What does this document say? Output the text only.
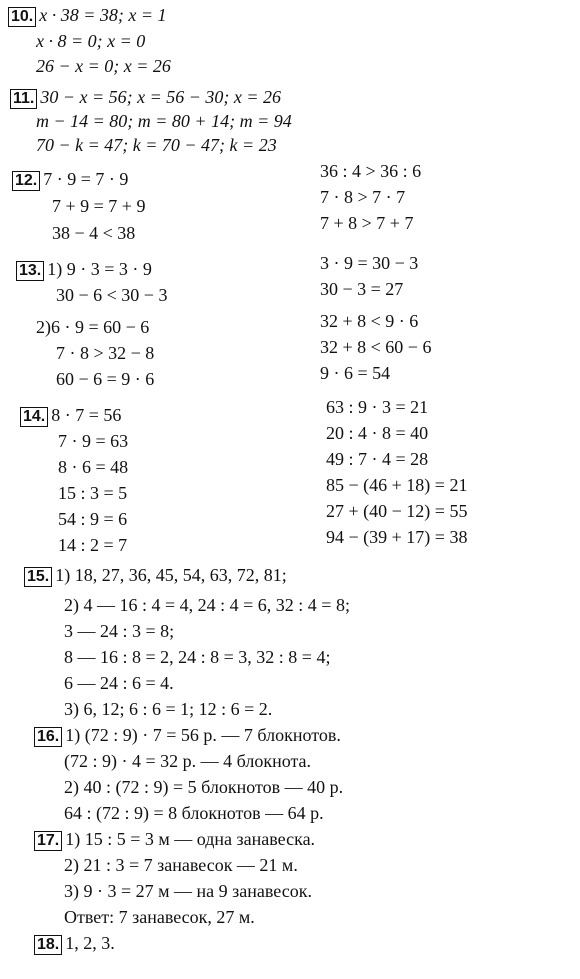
10. x · 38 = 38; x = 1
x · 8 = 0; x = 0
26 − x = 0; x = 26
11. 30 − x = 56; x = 56 − 30; x = 26
m − 14 = 80; m = 80 + 14; m = 94
70 − k = 47; k = 70 − 47; k = 23
12. 7 · 9 = 7 · 9
7 + 9 = 7 + 9
38 − 4 < 38
36 : 4 > 36 : 6
7 · 8 > 7 · 7
7 + 8 > 7 + 7
13. 1) 9 · 3 = 3 · 9
30 − 6 < 30 − 3
2)6 · 9 = 60 − 6
7 · 8 > 32 − 8
60 − 6 = 9 · 6
3 · 9 = 30 − 3
30 − 3 = 27
32 + 8 < 9 · 6
32 + 8 < 60 − 6
9 · 6 = 54
14. 8 · 7 = 56
7 · 9 = 63
8 · 6 = 48
15 : 3 = 5
54 : 9 = 6
14 : 2 = 7
63 : 9 · 3 = 21
20 : 4 · 8 = 40
49 : 7 · 4 = 28
85 − (46 + 18) = 21
27 + (40 − 12) = 55
94 − (39 + 17) = 38
15. 1) 18, 27, 36, 45, 54, 63, 72, 81;
2) 4 — 16 : 4 = 4, 24 : 4 = 6, 32 : 4 = 8;
3 — 24 : 3 = 8;
8 — 16 : 8 = 2, 24 : 8 = 3, 32 : 8 = 4;
6 — 24 : 6 = 4.
3) 6, 12; 6 : 6 = 1; 12 : 6 = 2.
16. 1) (72 : 9) · 7 = 56 р. — 7 блокнотов.
(72 : 9) · 4 = 32 р. — 4 блокнота.
2) 40 : (72 : 9) = 5 блокнотов — 40 р.
64 : (72 : 9) = 8 блокнотов — 64 р.
17. 1) 15 : 5 = 3 м — одна занавеска.
2) 21 : 3 = 7 занавесок — 21 м.
3) 9 · 3 = 27 м — на 9 занавесок.
Ответ: 7 занавесок, 27 м.
18. 1, 2, 3.
